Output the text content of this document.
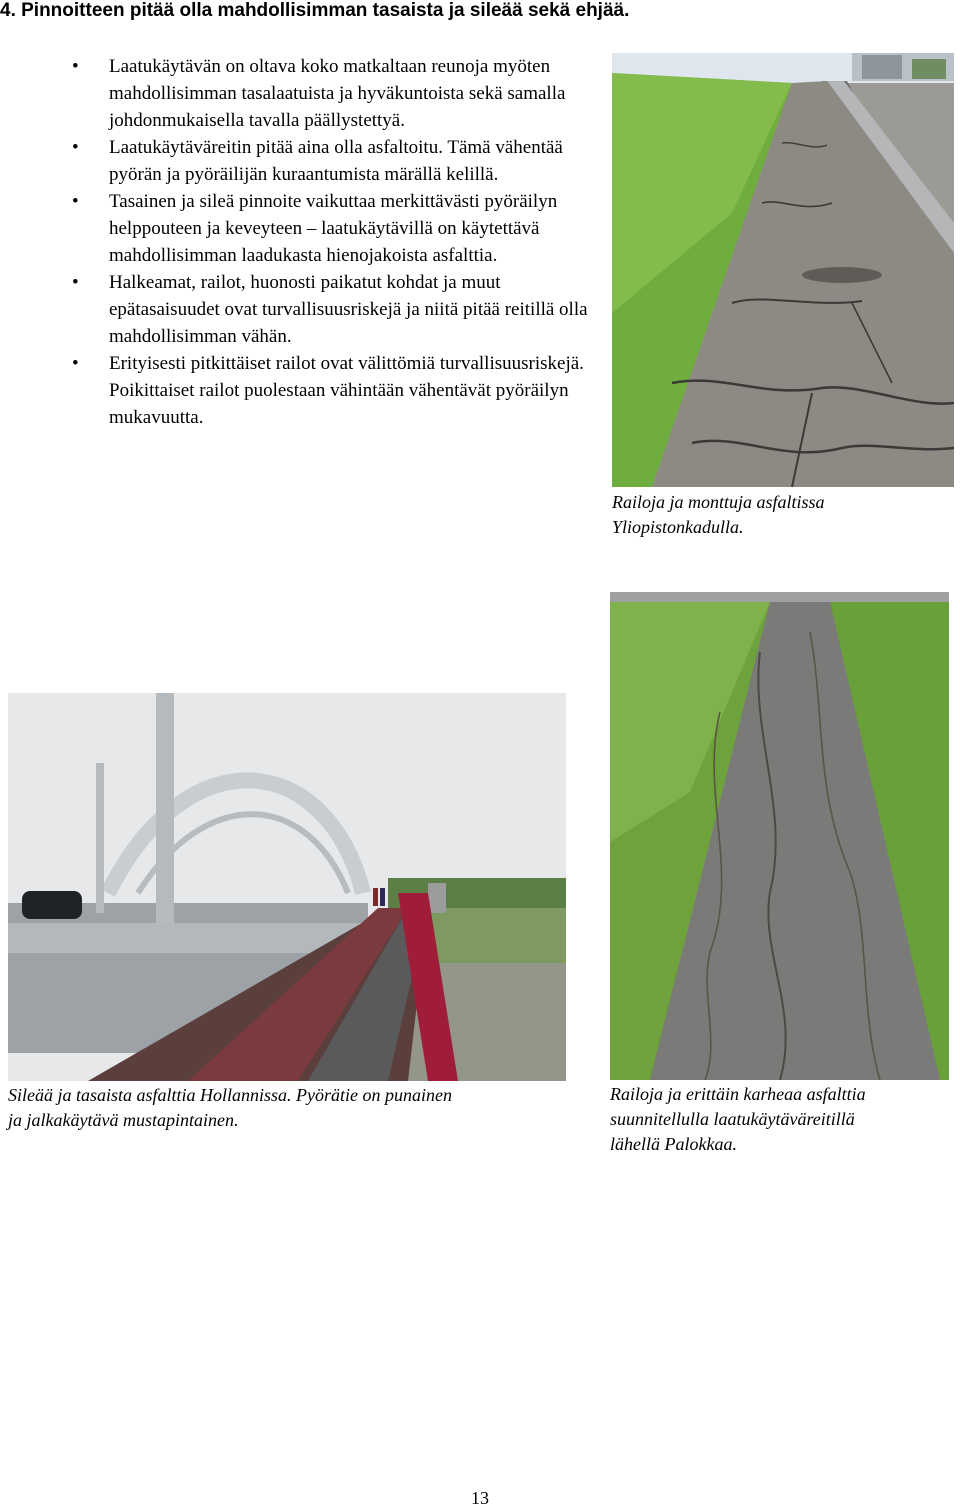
4. Pinnoitteen pitää olla mahdollisimman tasaista ja sileää sekä ehjää.
• Laatukäytävän on oltava koko matkaltaan reunoja myöten mahdollisimman tasalaatuista ja hyväkuntoista sekä samalla johdonmukaisella tavalla päällystettyä.
• Laatukäytäväreitin pitää aina olla asfaltoitu. Tämä vähentää pyörän ja pyöräilijän kuraantumista märällä kelillä.
• Tasainen ja sileä pinnoite vaikuttaa merkittävästi pyöräilyn helppouteen ja keveyteen – laatukäytävillä on käytettävä mahdollisimman laadukasta hienojakoista asfalttia.
• Halkeamat, railot, huonosti paikatut kohdat ja muut epätasaisuudet ovat turvallisuusriskejä ja niitä pitää reitillä olla mahdollisimman vähän.
• Erityisesti pitkittäiset railot ovat välittömiä turvallisuusriskejä. Poikittaiset railot puolestaan vähintään vähentävät pyöräilyn mukavuutta.

Railoja ja monttuja asfaltissa
Yliopistonkadulla.

Sileää ja tasaista asfalttia Hollannissa. Pyörätie on punainen
ja jalkakäytävä mustapintainen.

Railoja ja erittäin karheaa asfalttia
suunnitellulla laatukäytäväreitillä
lähellä Palokkaa.

13
